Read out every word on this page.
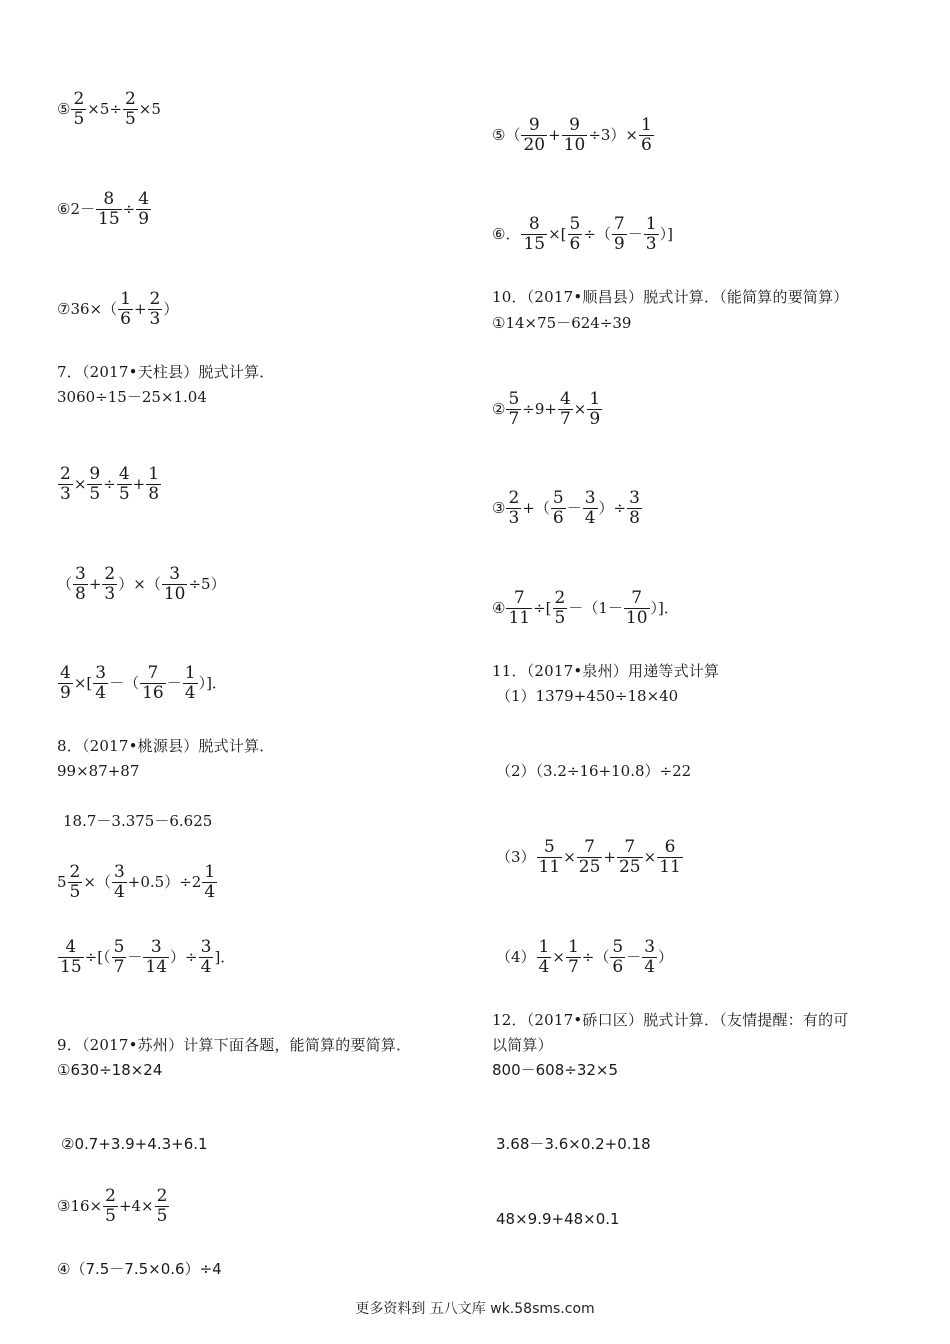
⑤ $\frac{2}{5} \times 5\div \frac{2}{5} \times 5$
⑥2－ $\frac{8}{15} \div \frac{4}{9}$
⑦36×（ 1
$6 + \frac{2}{3}$ ）
7．（2017•天柱县）脱式计算．
3060÷15－25×1.04
$\frac{2}{3} \times \frac{9}{5} \div \frac{4}{5} + \frac{1}{8}$
（ 3
$8 + \frac{2}{3}$ ）×（ $\frac{3}{10} \div 5$）
$\frac{4}{9}$ ×[ 3
4 －（ 7
16 － 1
4 ）]．
8．（2017•桃源县）脱式计算．
99×87+87
18.7－3.375－6.625
$5 \frac{2}{5}$ ×（ 3
4 +0.5）÷2 1
4
$\frac{4}{15}$ ÷[（ 5
7 － 3
14 ）÷ $\frac{3}{4}$ ]．
9．（2017•苏州）计算下面各题，能简算的要简算．
①630÷18×24
②0.7+3.9+4.3+6.1
③16× $\frac{2}{5} +4\times \frac{2}{5}$
④（7.5－7.5×0.6）÷4
⑤（ 9
$20 + \frac{9}{10} \div 3)\times \frac{1}{6}$
⑥． $\frac{8}{15}$ ×[ $\frac{5}{6}$ ÷（ 7
9 － 1
3 ）]
10．（2017•顺昌县）脱式计算．（能简算的要简算）
①14×75－624÷39
② $\frac{5}{7} \div 9+ \frac{4}{7} \times \frac{1}{9}$
③ 2
3 +（ 5
6 － 3
4 ）÷ $\frac{3}{8}$
④ $\frac{7}{11}$ ÷[ 2
5 －（1－ 7
10 ）]．
11．（2017•泉州）用递等式计算
（1）1379+450÷18×40
（2）（3.2÷16+10.8）÷22
$(3) \frac{5}{11} \times \frac{7}{25} + \frac{7}{25} \times \frac{6}{11}$
$(4) \frac{1}{4} \times \frac{1}{7}$ ÷（ 5
6 － 3
4 ）
12．（2017•硚口区）脱式计算．（友情提醒：有的可
以简算）
800－608÷32×5
3.68－3.6×0.2+0.18
48×9.9+48×0.1
更多资料到 五八文库 wk.58sms.com
